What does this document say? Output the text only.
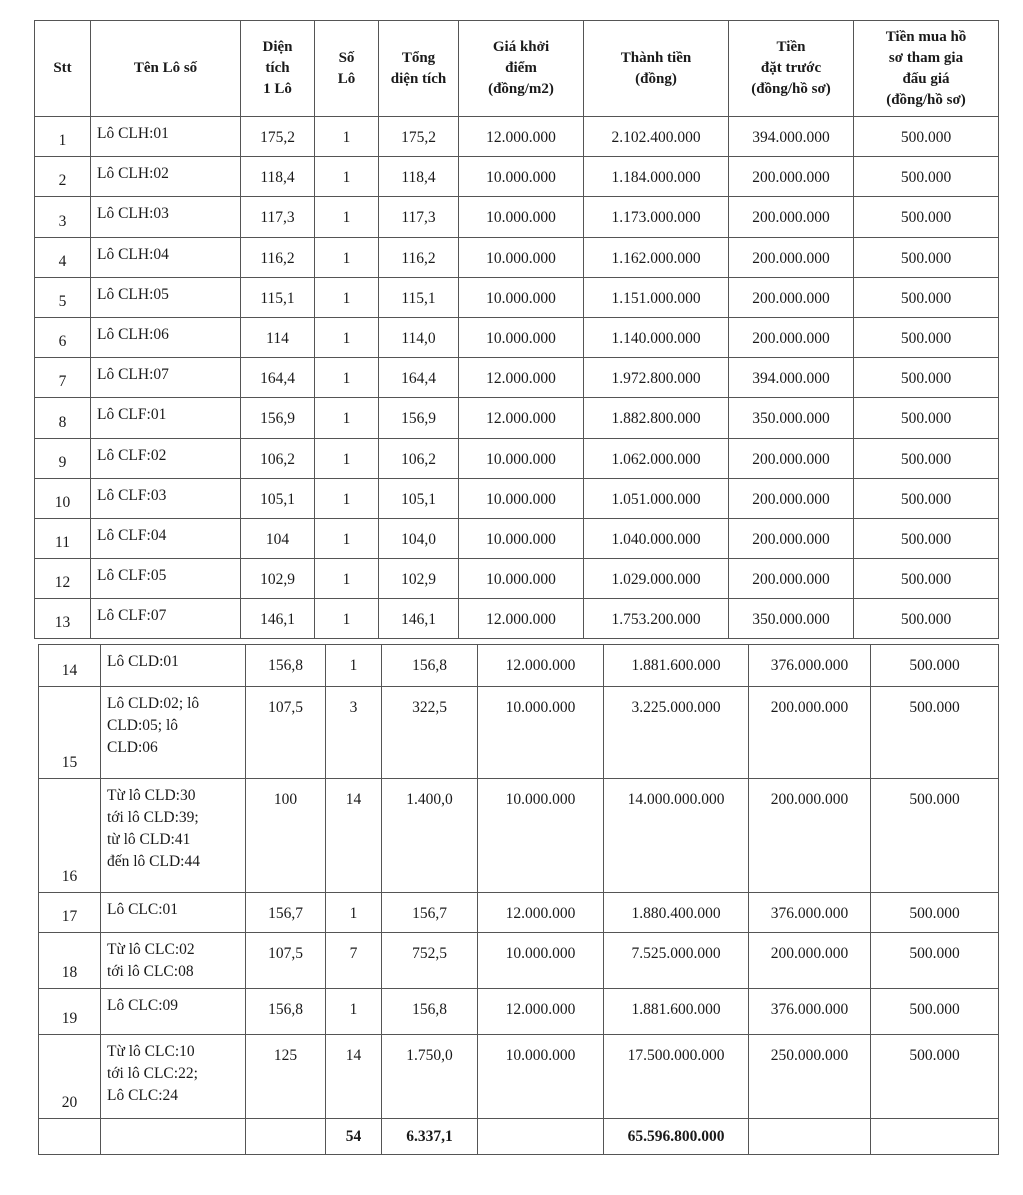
Stt	Tên Lô số	Diện
tích
1 Lô	Số
Lô	Tổng
diện tích	Giá khởi
điểm
(đồng/m2)	Thành tiền
(đồng)	Tiền
đặt trước
(đồng/hồ sơ)	Tiền mua hồ
sơ tham gia
đấu giá
(đồng/hồ sơ)
1	Lô CLH:01	175,2	1	175,2	12.000.000	2.102.400.000	394.000.000	500.000
2	Lô CLH:02	118,4	1	118,4	10.000.000	1.184.000.000	200.000.000	500.000
3	Lô CLH:03	117,3	1	117,3	10.000.000	1.173.000.000	200.000.000	500.000
4	Lô CLH:04	116,2	1	116,2	10.000.000	1.162.000.000	200.000.000	500.000
5	Lô CLH:05	115,1	1	115,1	10.000.000	1.151.000.000	200.000.000	500.000
6	Lô CLH:06	114	1	114,0	10.000.000	1.140.000.000	200.000.000	500.000
7	Lô CLH:07	164,4	1	164,4	12.000.000	1.972.800.000	394.000.000	500.000
8	Lô CLF:01	156,9	1	156,9	12.000.000	1.882.800.000	350.000.000	500.000
9	Lô CLF:02	106,2	1	106,2	10.000.000	1.062.000.000	200.000.000	500.000
10	Lô CLF:03	105,1	1	105,1	10.000.000	1.051.000.000	200.000.000	500.000
11	Lô CLF:04	104	1	104,0	10.000.000	1.040.000.000	200.000.000	500.000
12	Lô CLF:05	102,9	1	102,9	10.000.000	1.029.000.000	200.000.000	500.000
13	Lô CLF:07	146,1	1	146,1	12.000.000	1.753.200.000	350.000.000	500.000
14	Lô CLD:01	156,8	1	156,8	12.000.000	1.881.600.000	376.000.000	500.000
15	Lô CLD:02; lô
CLD:05; lô
CLD:06	107,5	3	322,5	10.000.000	3.225.000.000	200.000.000	500.000
16	Từ lô CLD:30
tới lô CLD:39;
từ lô CLD:41
đến lô CLD:44	100	14	1.400,0	10.000.000	14.000.000.000	200.000.000	500.000
17	Lô CLC:01	156,7	1	156,7	12.000.000	1.880.400.000	376.000.000	500.000
18	Từ lô CLC:02
tới lô CLC:08	107,5	7	752,5	10.000.000	7.525.000.000	200.000.000	500.000
19	Lô CLC:09	156,8	1	156,8	12.000.000	1.881.600.000	376.000.000	500.000
20	Từ lô CLC:10
tới lô CLC:22;
Lô CLC:24	125	14	1.750,0	10.000.000	17.500.000.000	250.000.000	500.000
			54	6.337,1		65.596.800.000		
